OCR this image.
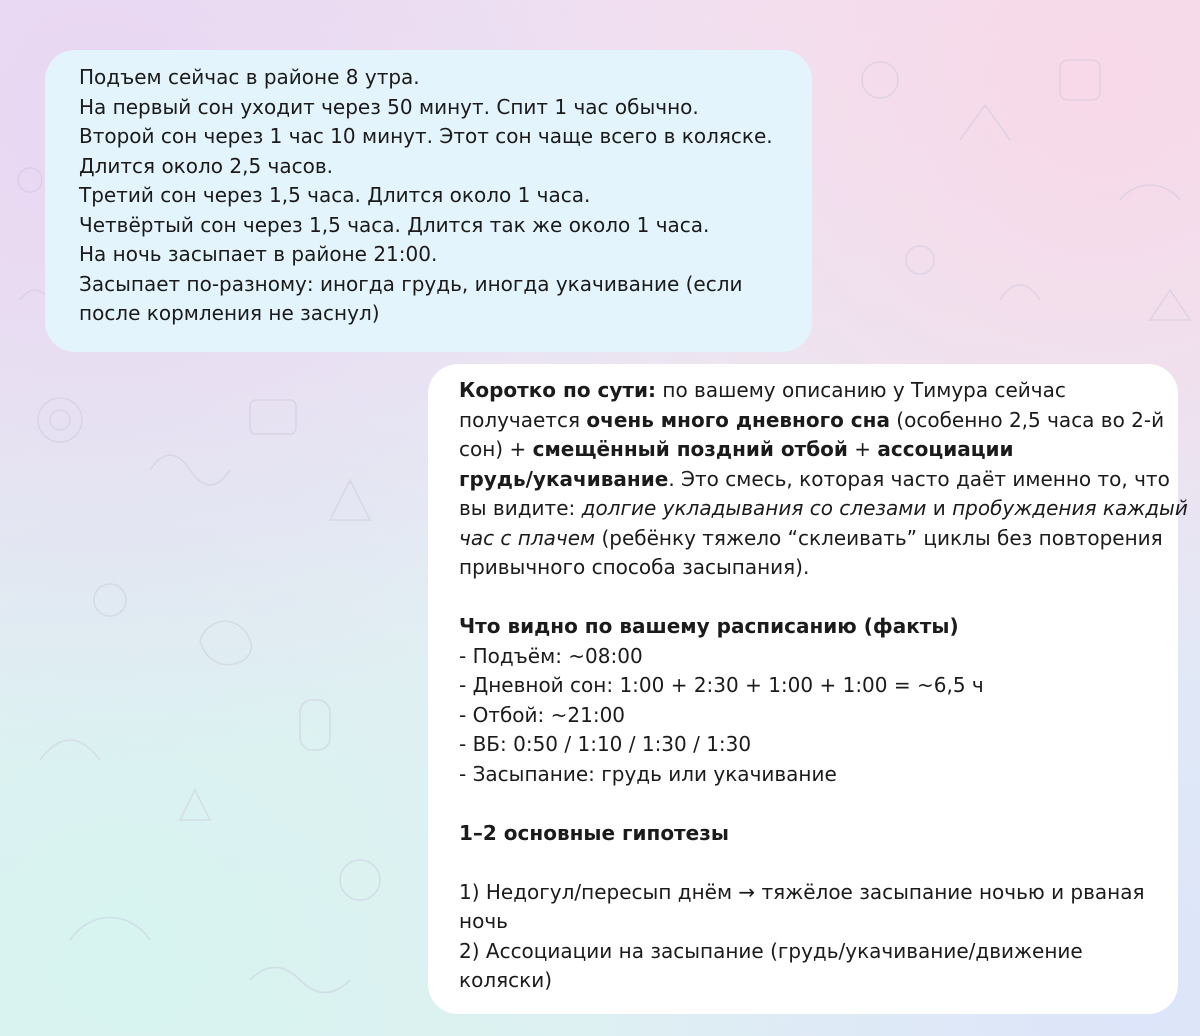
Подъем сейчас в районе 8 утра.
На первый сон уходит через 50 минут. Спит 1 час обычно.
Второй сон через 1 час 10 минут. Этот сон чаще всего в коляске.
Длится около 2,5 часов.
Третий сон через 1,5 часа. Длится около 1 часа.
Четвёртый сон через 1,5 часа. Длится так же около 1 часа.
На ночь засыпает в районе 21:00.
Засыпает по-разному: иногда грудь, иногда укачивание (если
после кормления не заснул)
Коротко по сути: по вашему описанию у Тимура сейчас
получается очень много дневного сна (особенно 2,5 часа во 2-й
сон) + смещённый поздний отбой + ассоциации
грудь/укачивание. Это смесь, которая часто даёт именно то, что
вы видите: долгие укладывания со слезами и пробуждения каждый
час с плачем (ребёнку тяжело “склеивать” циклы без повторения
привычного способа засыпания).
Что видно по вашему расписанию (факты)
- Подъём: ~08:00
- Дневной сон: 1:00 + 2:30 + 1:00 + 1:00 = ~6,5 ч
- Отбой: ~21:00
- ВБ: 0:50 / 1:10 / 1:30 / 1:30
- Засыпание: грудь или укачивание
1–2 основные гипотезы
1) Недогул/пересып днём → тяжёлое засыпание ночью и рваная
ночь
2) Ассоциации на засыпание (грудь/укачивание/движение
коляски)
